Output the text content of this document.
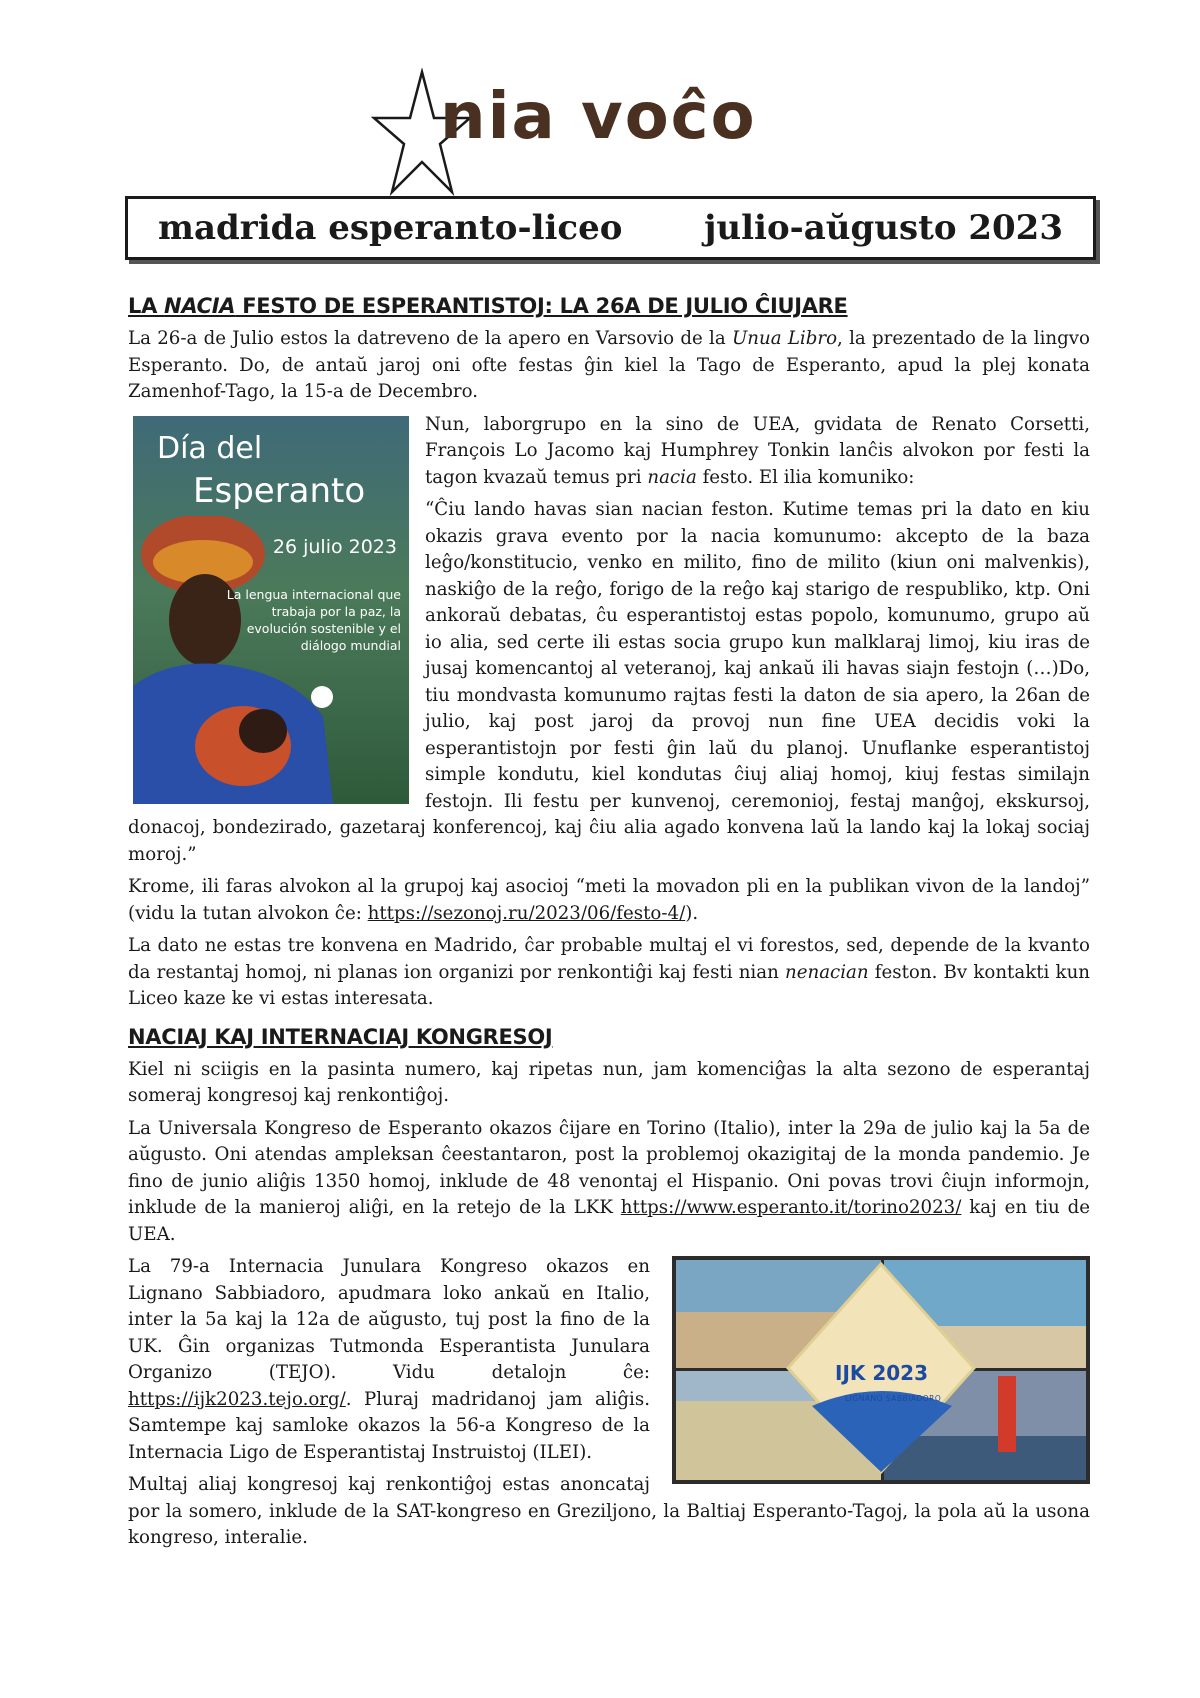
nia voĉo
madrida esperanto-liceo julio-aŭgusto 2023
LA NACIA FESTO DE ESPERANTISTOJ: LA 26A DE JULIO ĈIUJARE

La 26-a de Julio estos la datreveno de la apero en Varsovio de la Unua Libro, la prezentado de la lingvo Esperanto. Do, de antaŭ jaroj oni ofte festas ĝin kiel la Tago de Esperanto, apud la plej konata Zamenhof-Tago, la 15-a de Decembro.

Día del
Esperanto
26 julio 2023
La lengua internacional que trabaja por la paz, la evolución sostenible y el diálogo mundial

Nun, laborgrupo en la sino de UEA, gvidata de Renato Corsetti, François Lo Jacomo kaj Humphrey Tonkin lanĉis alvokon por festi la tagon kvazaŭ temus pri nacia festo. El ilia komuniko:

“Ĉiu lando havas sian nacian feston. Kutime temas pri la dato en kiu okazis grava evento por la nacia komunumo: akcepto de la baza leĝo/konstitucio, venko en milito, fino de milito (kiun oni malvenkis), naskiĝo de la reĝo, forigo de la reĝo kaj starigo de respubliko, ktp. Oni ankoraŭ debatas, ĉu esperantistoj estas popolo, komunumo, grupo aŭ io alia, sed certe ili estas socia grupo kun malklaraj limoj, kiu iras de jusaj komencantoj al veteranoj, kaj ankaŭ ili havas siajn festojn (…)Do, tiu mondvasta komunumo rajtas festi la daton de sia apero, la 26an de julio, kaj post jaroj da provoj nun fine UEA decidis voki la esperantistojn por festi ĝin laŭ du planoj. Unuflanke esperantistoj simple kondutu, kiel kondutas ĉiuj aliaj homoj, kiuj festas similajn festojn. Ili festu per kunvenoj, ceremonioj, festaj manĝoj, ekskursoj, donacoj, bondezirado, gazetaraj konferencoj, kaj ĉiu alia agado konvena laŭ la lando kaj la lokaj sociaj moroj.”

Krome, ili faras alvokon al la grupoj kaj asocioj “meti la movadon pli en la publikan vivon de la landoj” (vidu la tutan alvokon ĉe: https://sezonoj.ru/2023/06/festo-4/).

La dato ne estas tre konvena en Madrido, ĉar probable multaj el vi forestos, sed, depende de la kvanto da restantaj homoj, ni planas ion organizi por renkontiĝi kaj festi nian nenacian feston. Bv kontakti kun Liceo kaze ke vi estas interesata.

NACIAJ KAJ INTERNACIAJ KONGRESOJ

Kiel ni sciigis en la pasinta numero, kaj ripetas nun, jam komenciĝas la alta sezono de esperantaj someraj kongresoj kaj renkontiĝoj.

La Universala Kongreso de Esperanto okazos ĉijare en Torino (Italio), inter la 29a de julio kaj la 5a de aŭgusto. Oni atendas ampleksan ĉeestantaron, post la problemoj okazigitaj de la monda pandemio. Je fino de junio aliĝis 1350 homoj, inklude de 48 venontaj el Hispanio. Oni povas trovi ĉiujn informojn, inklude de la manieroj aliĝi, en la retejo de la LKK https://www.esperanto.it/torino2023/ kaj en tiu de UEA.

IJK 2023
LIGNANO SABBIADORO

La 79-a Internacia Junulara Kongreso okazos en Lignano Sabbiadoro, apudmara loko ankaŭ en Italio, inter la 5a kaj la 12a de aŭgusto, tuj post la fino de la UK. Ĝin organizas Tutmonda Esperantista Junulara Organizo (TEJO). Vidu detalojn ĉe: https://ijk2023.tejo.org/. Pluraj madridanoj jam aliĝis. Samtempe kaj samloke okazos la 56-a Kongreso de la Internacia Ligo de Esperantistaj Instruistoj (ILEI).

Multaj aliaj kongresoj kaj renkontiĝoj estas anoncataj por la somero, inklude de la SAT-kongreso en Greziljono, la Baltiaj Esperanto-Tagoj, la pola aŭ la usona kongreso, interalie.
